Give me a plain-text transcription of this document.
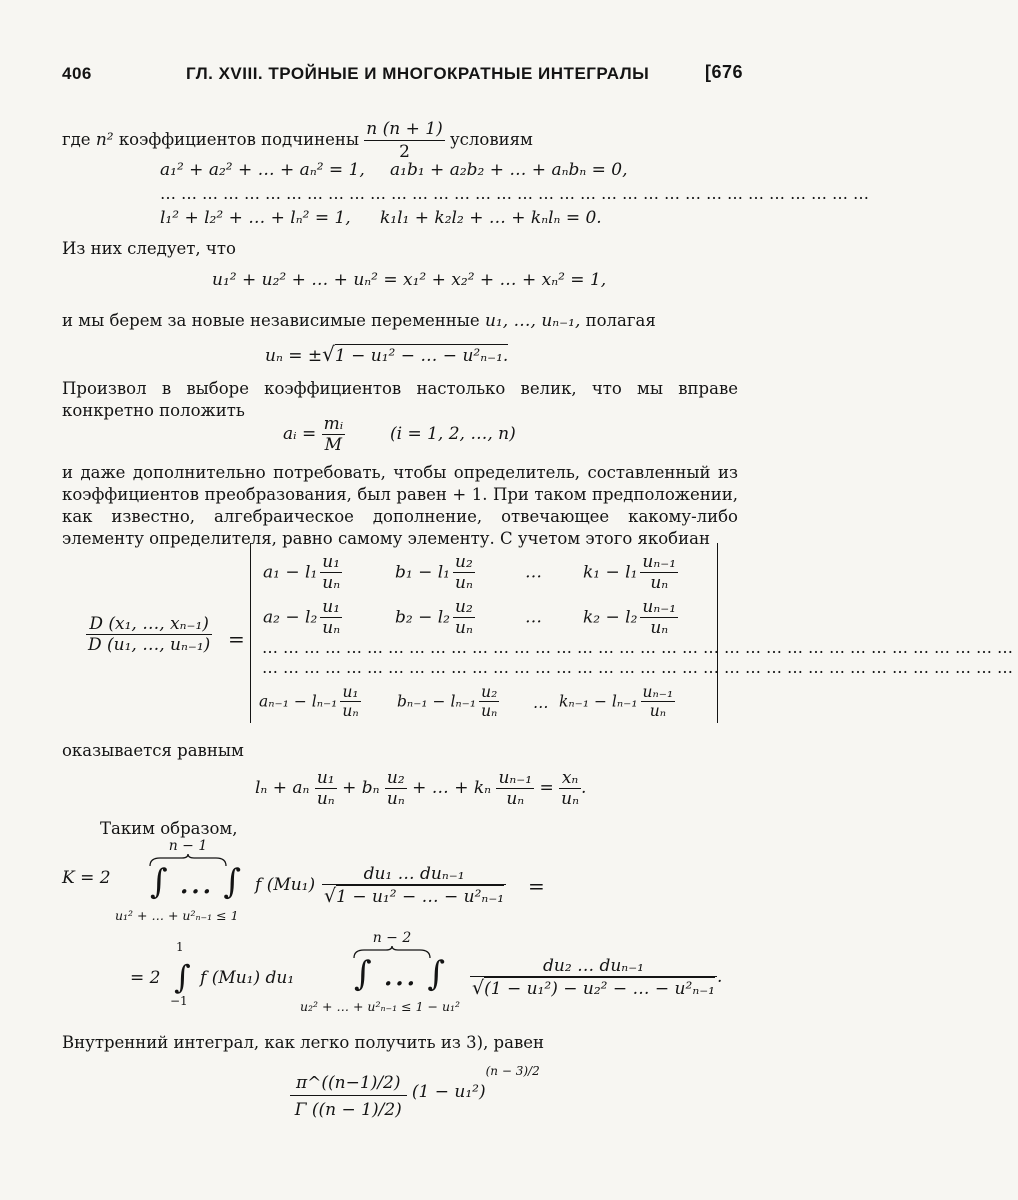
406	ГЛ. XVIII. ТРОЙНЫЕ И МНОГОКРАТНЫЕ ИНТЕГРАЛЫ	[676
где n² коэффициентов подчинены $\frac{n (n + 1)}{2}$ условиям
a₁² + a₂² + … + aₙ² = 1, a₁b₁ + a₂b₂ + … + aₙbₙ = 0,
…………………………………………………………………………………………
l₁² + l₂² + … + lₙ² = 1, k₁l₁ + k₂l₂ + … + kₙlₙ = 0.
Из них следует, что
u₁² + u₂² + … + uₙ² = x₁² + x₂² + … + xₙ² = 1,
и мы берем за новые независимые переменные u₁, …, uₙ₋₁, полагая
uₙ = ±√1 − u₁² − … − u²ₙ₋₁.
Произвол в выборе коэффициентов настолько велик, что мы вправе конкретно положить
aᵢ = $\frac{\text{mᵢ}}{M}$	(i = 1, 2, …, n)
и даже дополнительно потребовать, чтобы определитель, составленный из коэффициентов преобразования, был равен + 1. При таком предположении, как известно, алгебраическое дополнение, отвечающее какому-либо элементу определителя, равно самому элементу. С учетом этого якобиан
$\frac{\text{D (x₁, …, xₙ₋₁)}}{\text{D (u₁, …, uₙ₋₁)}}$ =
$a_1 - l_1 \frac{\text{u₁}}{\text{uₙ}}$	$b_1 - l_1 \frac{\text{u₂}}{\text{uₙ}}$	… $k_1 - l_1 \frac{\text{uₙ₋₁}}{\text{uₙ}}$
$a_2 - l_2 \frac{\text{u₁}}{\text{uₙ}}$	$b_2 - l_2 \frac{\text{u₂}}{\text{uₙ}}$	… $k_2 - l_2 \frac{\text{uₙ₋₁}}{\text{uₙ}}$
………………………………………………………………………………………………
………………………………………………………………………………………………
$a_{n-1} - l_{n-1} \frac{\text{u₁}}{\text{uₙ}} b_{n-1} - l_{n-1} \frac{\text{u₂}}{\text{uₙ}}$ … $k_{n-1} - l_{n-1} \frac{\text{uₙ₋₁}}{\text{uₙ}}$
оказывается равным
lₙ + aₙ $\frac{\text{u₁}}{\text{uₙ}} + b_n \frac{\text{u₂}}{\text{uₙ}}$ + … + kₙ $\frac{\text{uₙ₋₁}}{\text{uₙ}} = \frac{\text{xₙ}}{\text{uₙ}}$ .
Таким образом,
K = 2
n − 1
∫ … ∫
u₁² + … + u²ₙ₋₁ ≤ 1
f $(Mu_1) \frac{\text{du₁ … duₙ₋₁}}{\text{√1 − u₁² − … − u²ₙ₋₁}}$ =
= 2
1
∫
−1
f (Mu₁) du₁
n − 2
∫ … ∫
u₂² + … + u²ₙ₋₁ ≤ 1 − u₁²
$\frac{\text{du₂ … duₙ₋₁}}{\text{√(1 − u₁²) − u₂² − … − u²ₙ₋₁}}$ .
Внутренний интеграл, как легко получить из 3), равен
$\frac{\pi\^{}((n-1)/2)}{\Gamma ((n - 1)/2)} (1 - u_1^2)^{(n - 3)/2}$
